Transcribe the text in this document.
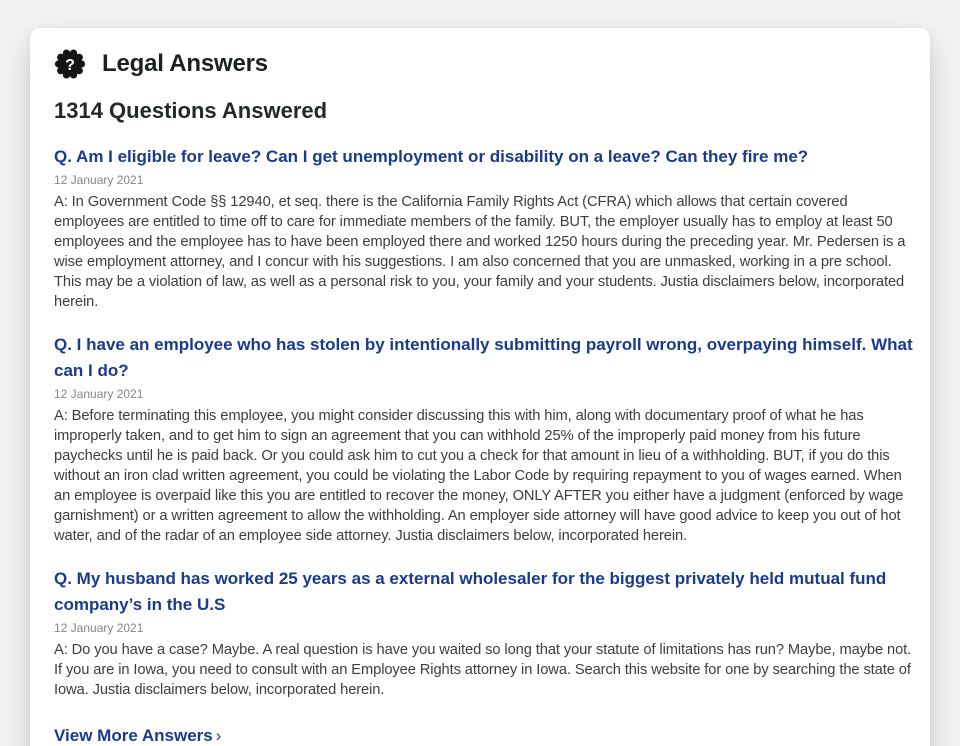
? Legal Answers
1314 Questions Answered
Q. Am I eligible for leave? Can I get unemployment or disability on a leave? Can they fire me?
12 January 2021

A: In Government Code §§ 12940, et seq. there is the California Family Rights Act (CFRA) which allows that certain covered employees are entitled to time off to care for immediate members of the family. BUT, the employer usually has to employ at least 50 employees and the employee has to have been employed there and worked 1250 hours during the preceding year. Mr. Pedersen is a wise employment attorney, and I concur with his suggestions. I am also concerned that you are unmasked, working in a pre school. This may be a violation of law, as well as a personal risk to you, your family and your students. Justia disclaimers below, incorporated herein.

Q. I have an employee who has stolen by intentionally submitting payroll wrong, overpaying himself. What can I do?
12 January 2021

A: Before terminating this employee, you might consider discussing this with him, along with documentary proof of what he has improperly taken, and to get him to sign an agreement that you can withhold 25% of the improperly paid money from his future paychecks until he is paid back. Or you could ask him to cut you a check for that amount in lieu of a withholding. BUT, if you do this without an iron clad written agreement, you could be violating the Labor Code by requiring repayment to you of wages earned. When an employee is overpaid like this you are entitled to recover the money, ONLY AFTER you either have a judgment (enforced by wage garnishment) or a written agreement to allow the withholding. An employer side attorney will have good advice to keep you out of hot water, and of the radar of an employee side attorney. Justia disclaimers below, incorporated herein.

Q. My husband has worked 25 years as a external wholesaler for the biggest privately held mutual fund company’s in the U.S
12 January 2021

A: Do you have a case? Maybe. A real question is have you waited so long that your statute of limitations has run? Maybe, maybe not. If you are in Iowa, you need to consult with an Employee Rights attorney in Iowa. Search this website for one by searching the state of Iowa. Justia disclaimers below, incorporated herein.

View More Answers ›
